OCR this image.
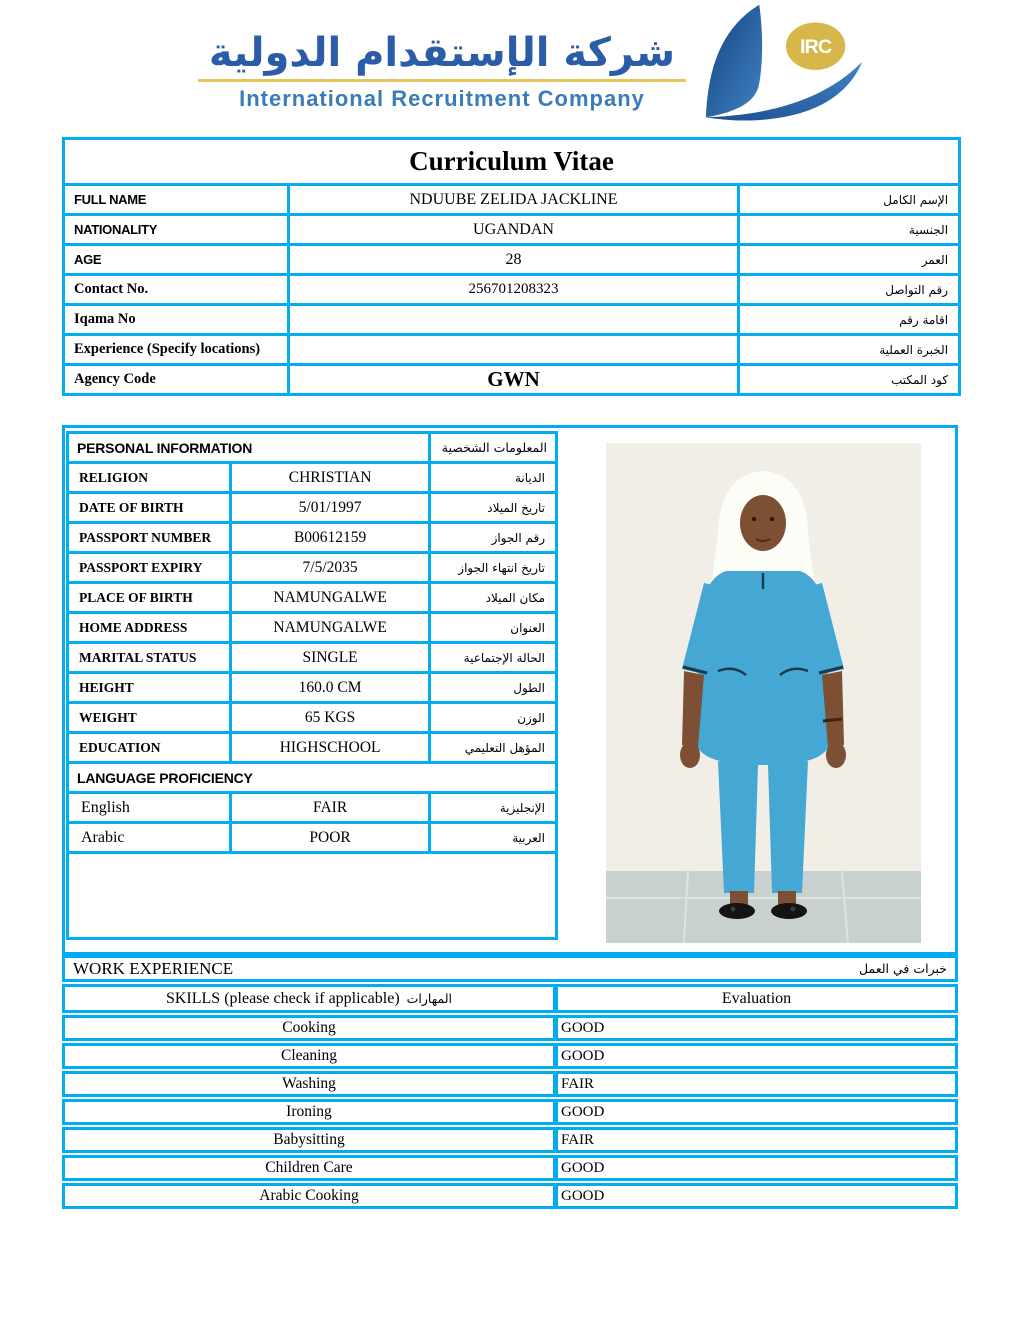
شركة الإستقدام الدولية
International Recruitment Company
IRC
Curriculum Vitae		
FULL NAME	NDUUBE ZELIDA JACKLINE	الإسم الكامل
NATIONALITY	UGANDAN	الجنسية
AGE	28	العمر
Contact No.	256701208323	رقم التواصل
Iqama No		اقامة رقم
Experience (Specify locations)		الخبرة العملية
Agency Code	GWN	كود المكتب
PERSONAL INFORMATION		المعلومات الشخصية
RELIGION	CHRISTIAN	الديانة
DATE OF BIRTH	5/01/1997	تاريخ الميلاد
PASSPORT NUMBER	B00612159	رقم الجواز
PASSPORT EXPIRY	7/5/2035	تاريخ انتهاء الجواز
PLACE OF BIRTH	NAMUNGALWE	مكان الميلاد
HOME ADDRESS	NAMUNGALWE	العنوان
MARITAL STATUS	SINGLE	الحالة الإجتماعية
HEIGHT	160.0 CM	الطول
WEIGHT	65 KGS	الوزن
EDUCATION	HIGHSCHOOL	المؤهل التعليمي
LANGUAGE PROFICIENCY		
English	FAIR	الإنجليزية
Arabic	POOR	العربية

WORK EXPERIENCE	خبرات في العمل
SKILLS (please check if applicable) المهارات	Evaluation
Cooking	GOOD
Cleaning	GOOD
Washing	FAIR
Ironing	GOOD
Babysitting	FAIR
Children Care	GOOD
Arabic Cooking	GOOD
